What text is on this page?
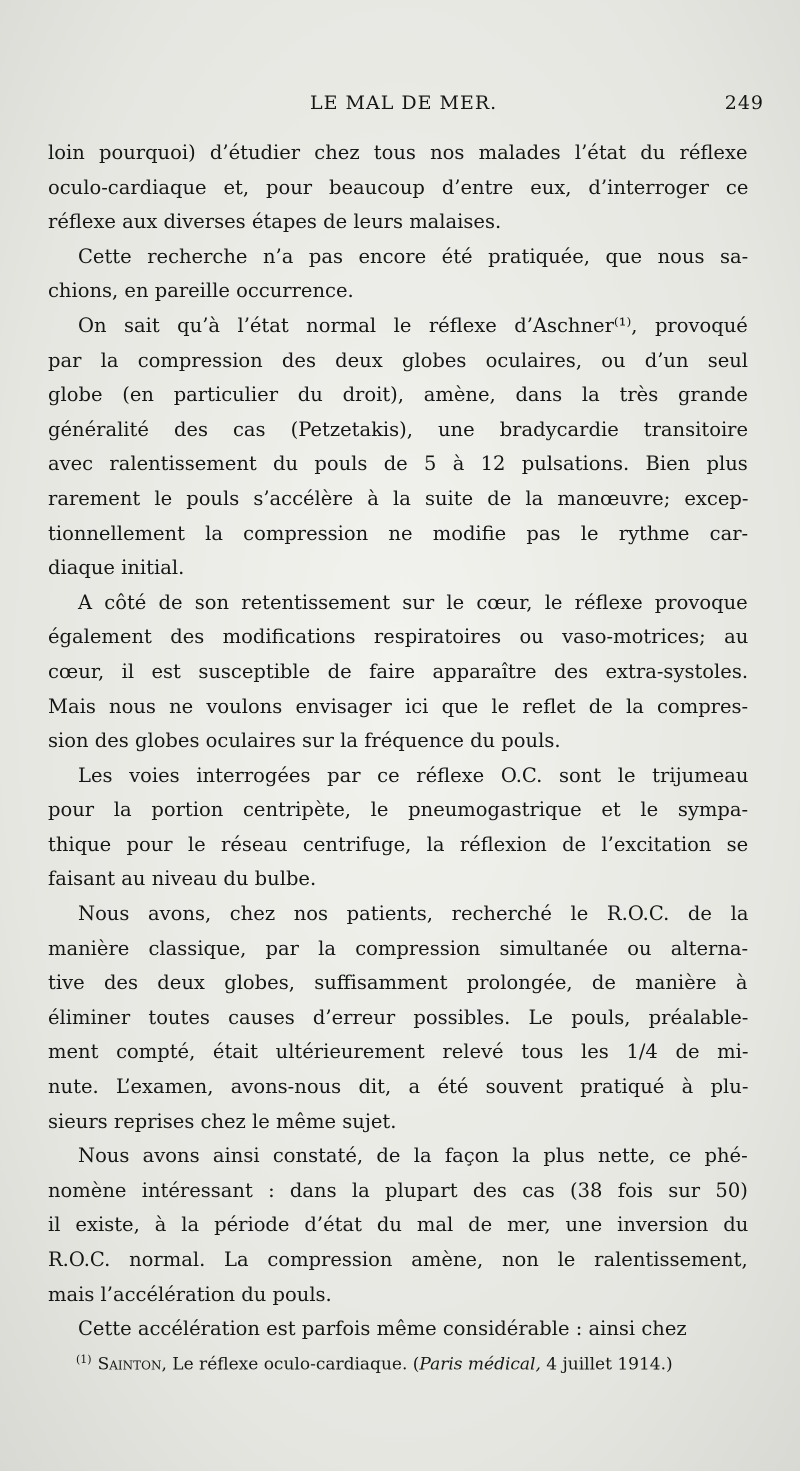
LE MAL DE MER.	249

loin pourquoi) d’étudier chez tous nos malades l’état du réflexe
oculo-cardiaque et, pour beaucoup d’entre eux, d’interroger ce
réflexe aux diverses étapes de leurs malaises.

Cette recherche n’a pas encore été pratiquée, que nous sa-
chions, en pareille occurrence.

On sait qu’à l’état normal le réflexe d’Aschner⁽¹⁾, provoqué
par la compression des deux globes oculaires, ou d’un seul
globe (en particulier du droit), amène, dans la très grande
généralité des cas (Petzetakis), une bradycardie transitoire
avec ralentissement du pouls de 5 à 12 pulsations. Bien plus
rarement le pouls s’accélère à la suite de la manœuvre; excep-
tionnellement la compression ne modifie pas le rythme car-
diaque initial.

A côté de son retentissement sur le cœur, le réflexe provoque
également des modifications respiratoires ou vaso-motrices; au
cœur, il est susceptible de faire apparaître des extra-systoles.
Mais nous ne voulons envisager ici que le reflet de la compres-
sion des globes oculaires sur la fréquence du pouls.

Les voies interrogées par ce réflexe O.C. sont le trijumeau
pour la portion centripète, le pneumogastrique et le sympa-
thique pour le réseau centrifuge, la réflexion de l’excitation se
faisant au niveau du bulbe.

Nous avons, chez nos patients, recherché le R.O.C. de la
manière classique, par la compression simultanée ou alterna-
tive des deux globes, suffisamment prolongée, de manière à
éliminer toutes causes d’erreur possibles. Le pouls, préalable-
ment compté, était ultérieurement relevé tous les 1/4 de mi-
nute. L’examen, avons-nous dit, a été souvent pratiqué à plu-
sieurs reprises chez le même sujet.

Nous avons ainsi constaté, de la façon la plus nette, ce phé-
nomène intéressant : dans la plupart des cas (38 fois sur 50)
il existe, à la période d’état du mal de mer, une inversion du
R.O.C. normal. La compression amène, non le ralentissement,
mais l’accélération du pouls.

Cette accélération est parfois même considérable : ainsi chez

$^{(1)}$ Sainton, Le réflexe oculo-cardiaque. (Paris médical, 4 juillet 1914.)
